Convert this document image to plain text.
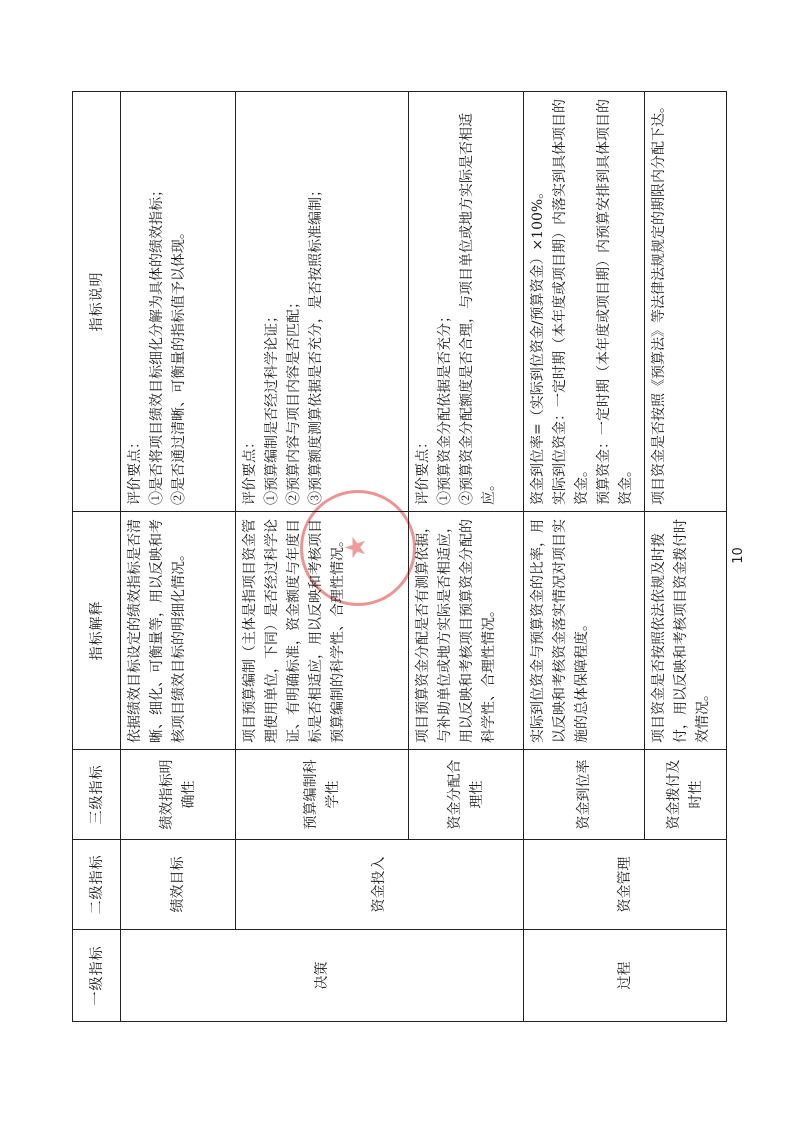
★
一级指标	二级指标	三级指标	指标解释	指标说明
决策	绩效目标	绩效指标明确性	依据绩效目标设定的绩效指标是否清晰、细化、可衡量等，用以反映和考核项目绩效目标的明细化情况。	评价要点： ①是否将项目绩效目标细化分解为具体的绩效指标； ②是否通过清晰、可衡量的指标值予以体现。

	资金投入	预算编制科学性	项目预算编制（主体是指项目资金管理使用单位，下同）是否经过科学论证、有明确标准，资金额度与年度目标是否相适应，用以反映和考核项目预算编制的科学性、合理性情况。	评价要点： ①预算编制是否经过科学论证； ②预算内容与项目内容是否匹配； ③预算额度测算依据是否充分，是否按照标准编制；

		资金分配合理性	项目预算资金分配是否有测算依据，与补助单位或地方实际是否相适应，用以反映和考核项目预算资金分配的科学性、合理性情况。	评价要点： ①预算资金分配依据是否充分； ②预算资金分配额度是否合理，与项目单位或地方实际是否相适应。

过程	资金管理	资金到位率	实际到位资金与预算资金的比率，用以反映和考核资金落实情况对项目实施的总体保障程度。	资金到位率=（实际到位资金/预算资金）×100%。 实际到位资金：一定时期（本年度或项目期）内落实到具体项目的资金。 预算资金：一定时期（本年度或项目期）内预算安排到具体项目的资金。

		资金拨付及时性	项目资金是否按照依法依规及时拨付，用以反映和考核项目资金拨付时效情况。	项目资金是否按照《预算法》等法律法规规定的期限内分配下达。
10
